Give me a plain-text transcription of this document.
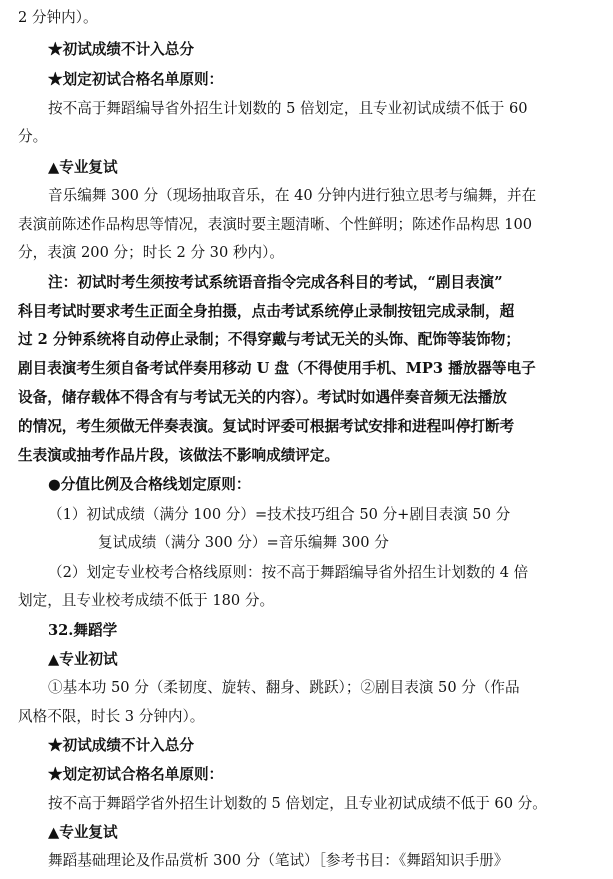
2 分钟内）。
★初试成绩不计入总分
★划定初试合格名单原则：
按不高于舞蹈编导省外招生计划数的 5 倍划定，且专业初试成绩不低于 60
分。
▲专业复试
音乐编舞 300 分（现场抽取音乐，在 40 分钟内进行独立思考与编舞，并在
表演前陈述作品构思等情况，表演时要主题清晰、个性鲜明；陈述作品构思 100
分，表演 200 分；时长 2 分 30 秒内）。
注：初试时考生须按考试系统语音指令完成各科目的考试，“剧目表演”
科目考试时要求考生正面全身拍摄，点击考试系统停止录制按钮完成录制，超
过 2 分钟系统将自动停止录制；不得穿戴与考试无关的头饰、配饰等装饰物；
剧目表演考生须自备考试伴奏用移动 U 盘（不得使用手机、MP3 播放器等电子
设备，储存载体不得含有与考试无关的内容）。考试时如遇伴奏音频无法播放
的情况，考生须做无伴奏表演。复试时评委可根据考试安排和进程叫停打断考
生表演或抽考作品片段，该做法不影响成绩评定。
●分值比例及合格线划定原则：
（1）初试成绩（满分 100 分）=技术技巧组合 50 分+剧目表演 50 分
复试成绩（满分 300 分）=音乐编舞 300 分
（2）划定专业校考合格线原则：按不高于舞蹈编导省外招生计划数的 4 倍
划定，且专业校考成绩不低于 180 分。
32.舞蹈学
▲专业初试
①基本功 50 分（柔韧度、旋转、翻身、跳跃）；②剧目表演 50 分（作品
风格不限，时长 3 分钟内）。
★初试成绩不计入总分
★划定初试合格名单原则：
按不高于舞蹈学省外招生计划数的 5 倍划定，且专业初试成绩不低于 60 分。
▲专业复试
舞蹈基础理论及作品赏析 300 分（笔试）［参考书目：《舞蹈知识手册》
